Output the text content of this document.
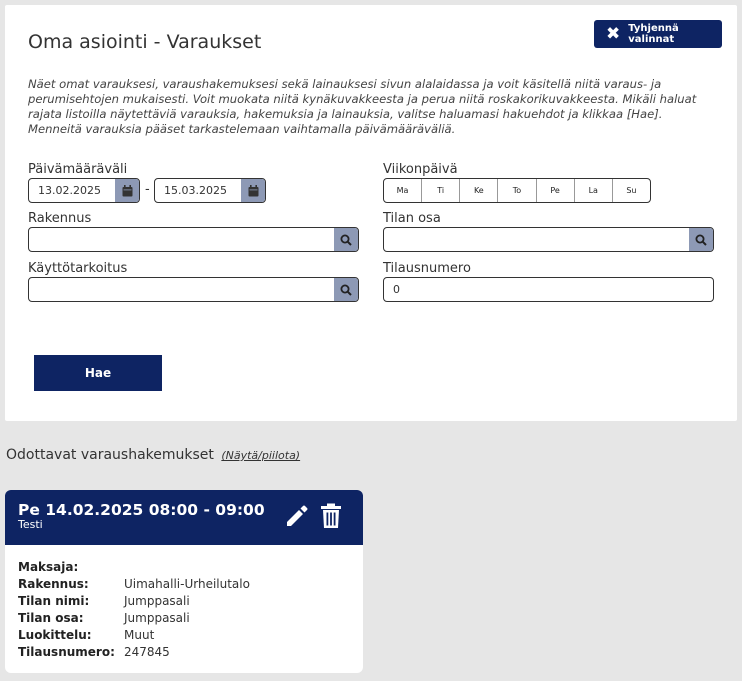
Oma asiointi - Varaukset	✖ Tyhjennä valinnat
Näet omat varauksesi, varaushakemuksesi sekä lainauksesi sivun alalaidassa ja voit käsitellä niitä varaus- ja perumisehtojen mukaisesti. Voit muokata niitä kynäkuvakkeesta ja perua niitä roskakorikuvakkeesta. Mikäli haluat rajata listoilla näytettäviä varauksia, hakemuksia ja lainauksia, valitse haluamasi hakuehdot ja klikkaa [Hae]. Menneitä varauksia pääset tarkastelemaan vaihtamalla päivämääräväliä.
Päivämääräväli
13.02.2025	- 15.03.2025
Viikonpäivä
Ma	Ti	Ke	To	Pe	La	Su
Rakennus	Tilan osa
Käyttötarkoitus	Tilausnumero
0
Hae
Odottavat varaushakemukset (Näytä/piilota)
Pe 14.02.2025 08:00 - 09:00
Testi
Maksaja:
Rakennus:	Uimahalli-Urheilutalo
Tilan nimi:	Jumppasali
Tilan osa:	Jumppasali
Luokittelu:	Muut
Tilausnumero: 247845
